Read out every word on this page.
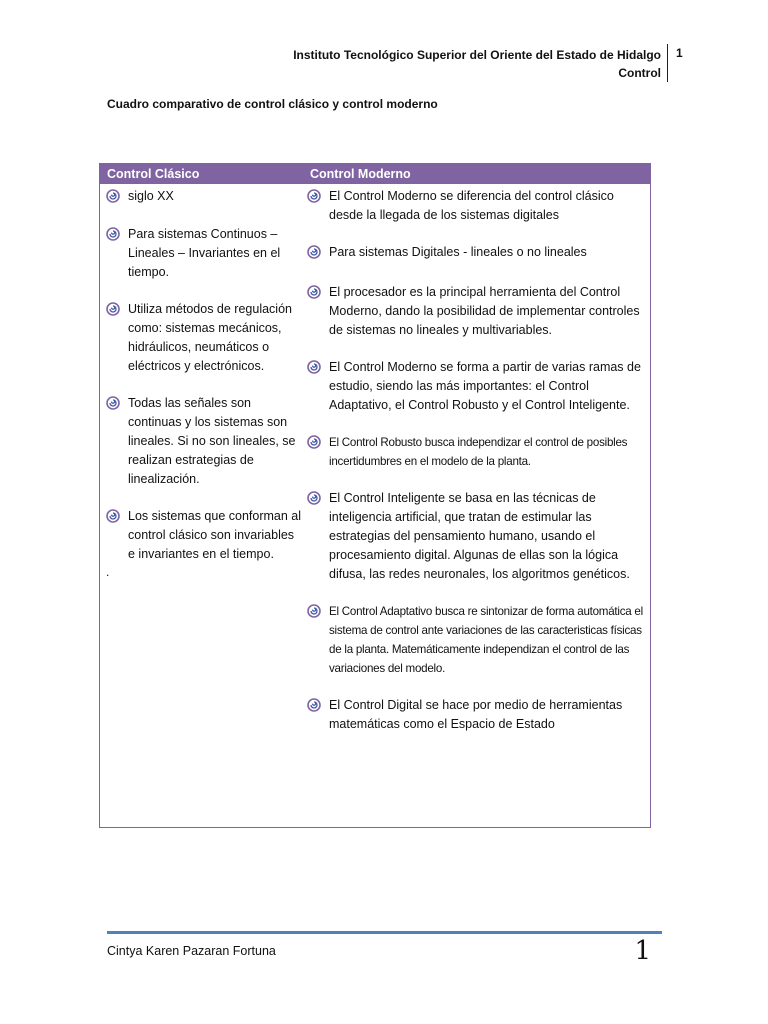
Instituto Tecnológico Superior del Oriente del Estado de Hidalgo
Control
1
Cuadro comparativo de control clásico y control moderno
Control Clásico	Control Moderno
siglo XX
Para sistemas Continuos – Lineales – Invariantes en el tiempo.
Utiliza métodos de regulación como: sistemas mecánicos, hidráulicos, neumáticos o eléctricos y electrónicos.
Todas las señales son continuas y los sistemas son lineales. Si no son lineales, se realizan estrategias de linealización.
Los sistemas que conforman al control clásico son invariables e invariantes en el tiempo.
.
El Control Moderno se diferencia del control clásico desde la llegada de los sistemas digitales
Para sistemas Digitales - lineales o no lineales
El procesador es la principal herramienta del Control Moderno, dando la posibilidad de implementar controles de sistemas no lineales y multivariables.
El Control Moderno se forma a partir de varias ramas de estudio, siendo las más importantes: el Control Adaptativo, el Control Robusto y el Control Inteligente.
El Control Robusto busca independizar el control de posibles incertidumbres en el modelo de la planta.
El Control Inteligente se basa en las técnicas de inteligencia artificial, que tratan de estimular las estrategias del pensamiento humano, usando el procesamiento digital. Algunas de ellas son la lógica difusa, las redes neuronales, los algoritmos genéticos.
El Control Adaptativo busca re sintonizar de forma automática el sistema de control ante variaciones de las caracteristicas físicas de la planta. Matemáticamente independizan el control de las variaciones del modelo.
El Control Digital se hace por medio de herramientas matemáticas como el Espacio de Estado
Cintya Karen Pazaran Fortuna	1
